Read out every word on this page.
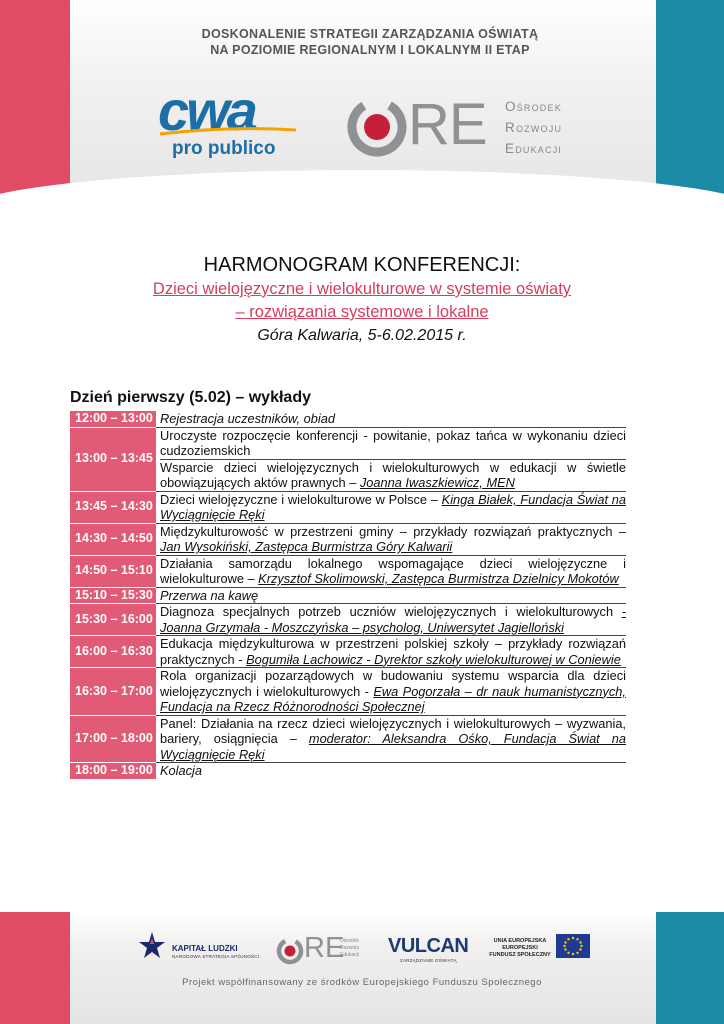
DOSKONALENIE STRATEGII ZARZĄDZANIA OŚWIATĄ
NA POZIOMIE REGIONALNYM I LOKALNYM II ETAP
cwa
pro publico RE Ośrodek
Rozwoju
Edukacji
HARMONOGRAM KONFERENCJI:
Dzieci wielojęzyczne i wielokulturowe w systemie oświaty
– rozwiązania systemowe i lokalne
Góra Kalwaria, 5-6.02.2015 r.
Dzień pierwszy (5.02) – wykłady
12:00 – 13:00 Rejestracja uczestników, obiad
13:00 – 13:45
Uroczyste rozpoczęcie konferencji - powitanie, pokaz tańca w wykonaniu dzieci cudzoziemskich
Wsparcie dzieci wielojęzycznych i wielokulturowych w edukacji w świetle obowiązujących aktów prawnych – Joanna Iwaszkiewicz, MEN
13:45 – 14:30 Dzieci wielojęzyczne i wielokulturowe w Polsce – Kinga Białek, Fundacja Świat na Wyciągnięcie Ręki
14:30 – 14:50 Międzykulturowość w przestrzeni gminy – przykłady rozwiązań praktycznych – Jan Wysokiński, Zastępca Burmistrza Góry Kalwarii
14:50 – 15:10 Działania samorządu lokalnego wspomagające dzieci wielojęzyczne i wielokulturowe – Krzysztof Skolimowski, Zastępca Burmistrza Dzielnicy Mokotów
15:10 – 15:30 Przerwa na kawę
15:30 – 16:00 Diagnoza specjalnych potrzeb uczniów wielojęzycznych i wielokulturowych - Joanna Grzymała - Moszczyńska – psycholog, Uniwersytet Jagielloński
16:00 – 16:30 Edukacja międzykulturowa w przestrzeni polskiej szkoły – przykłady rozwiązań praktycznych - Bogumiła Lachowicz - Dyrektor szkoły wielokulturowej w Coniewie
16:30 – 17:00
Rola organizacji pozarządowych w budowaniu systemu wsparcia dla dzieci wielojęzycznych i wielokulturowych - Ewa Pogorzała – dr nauk humanistycznych, Fundacja na Rzecz Różnorodności Społecznej
17:00 – 18:00
Panel: Działania na rzecz dzieci wielojęzycznych i wielokulturowych – wyzwania, bariery, osiągnięcia – moderator: Aleksandra Ośko, Fundacja Świat na Wyciągnięcie Ręki
18:00 – 19:00 Kolacja
KAPITAŁ LUDZKI
NARODOWA STRATEGIA SPÓJNOŚCI RE
Ośrodek
Rozwoju
Edukacji VULCAN
ZARZĄDZANIE OŚWIATĄ
UNIA EUROPEJSKA
EUROPEJSKI
FUNDUSZ SPOŁECZNY
Projekt współfinansowany ze środków Europejskiego Funduszu Społecznego
